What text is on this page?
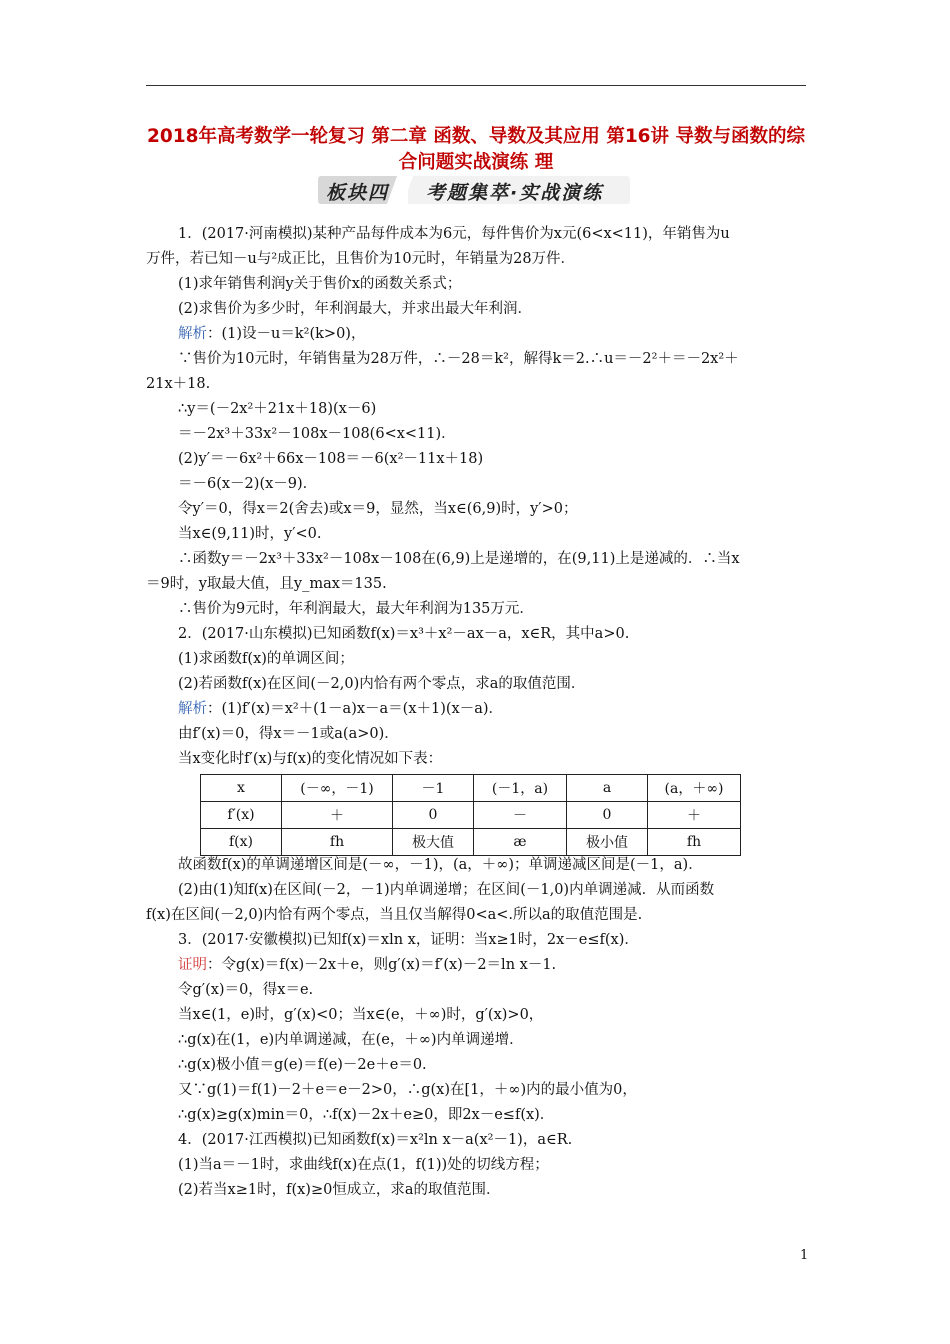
2018年高考数学一轮复习 第二章 函数、导数及其应用 第16讲 导数与函数的综合问题实战演练 理
板块四 考题集萃·实战演练

1．(2017·河南模拟)某种产品每件成本为6元，每件售价为x元(6<x<11)，年销售为u

万件，若已知－u与²成正比，且售价为10元时，年销量为28万件．

(1)求年销售利润y关于售价x的函数关系式；

(2)求售价为多少时，年利润最大，并求出最大年利润．

解析：(1)设－u＝k²(k>0)，

∵售价为10元时，年销售量为28万件，∴－28＝k²，解得k＝2.∴u＝－2²＋＝－2x²＋

21x＋18.

∴y＝(－2x²＋21x＋18)(x－6)

＝－2x³＋33x²－108x－108(6<x<11)．

(2)y′＝－6x²＋66x－108＝－6(x²－11x＋18)

＝－6(x－2)(x－9)．

令y′＝0，得x＝2(舍去)或x＝9，显然，当x∈(6,9)时，y′>0；

当x∈(9,11)时，y′<0.

∴函数y＝－2x³＋33x²－108x－108在(6,9)上是递增的，在(9,11)上是递减的．∴当x

＝9时，y取最大值，且y_max＝135.

∴售价为9元时，年利润最大，最大年利润为135万元．

2．(2017·山东模拟)已知函数f(x)＝x³＋x²－ax－a，x∈R，其中a>0.

(1)求函数f(x)的单调区间；

(2)若函数f(x)在区间(－2,0)内恰有两个零点，求a的取值范围．

解析：(1)f′(x)＝x²＋(1－a)x－a＝(x＋1)(x－a)．

由f′(x)＝0，得x＝－1或a(a>0)．

当x变化时f′(x)与f(x)的变化情况如下表：

x	(－∞，－1)	－1	(－1，a)	a	(a，＋∞)
f′(x)	＋	0	－	0	＋
f(x)	fh	极大值	æ	极小值	fh

故函数f(x)的单调递增区间是(－∞，－1)，(a，＋∞)；单调递减区间是(－1，a)．

(2)由(1)知f(x)在区间(－2，－1)内单调递增；在区间(－1,0)内单调递减．从而函数

f(x)在区间(－2,0)内恰有两个零点，当且仅当解得0<a<.所以a的取值范围是.

3．(2017·安徽模拟)已知f(x)＝xln x，证明：当x≥1时，2x－e≤f(x)．

证明：令g(x)＝f(x)－2x＋e，则g′(x)＝f′(x)－2＝ln x－1.

令g′(x)＝0，得x＝e.

当x∈(1，e)时，g′(x)<0；当x∈(e，＋∞)时，g′(x)>0，

∴g(x)在(1，e)内单调递减，在(e，＋∞)内单调递增．

∴g(x)极小值＝g(e)＝f(e)－2e＋e＝0.

又∵g(1)＝f(1)－2＋e＝e－2>0，∴g(x)在[1，＋∞)内的最小值为0，

∴g(x)≥g(x)min＝0，∴f(x)－2x＋e≥0，即2x－e≤f(x)．

4．(2017·江西模拟)已知函数f(x)＝x²ln x－a(x²－1)，a∈R.

(1)当a＝－1时，求曲线f(x)在点(1，f(1))处的切线方程；

(2)若当x≥1时，f(x)≥0恒成立，求a的取值范围．

1
